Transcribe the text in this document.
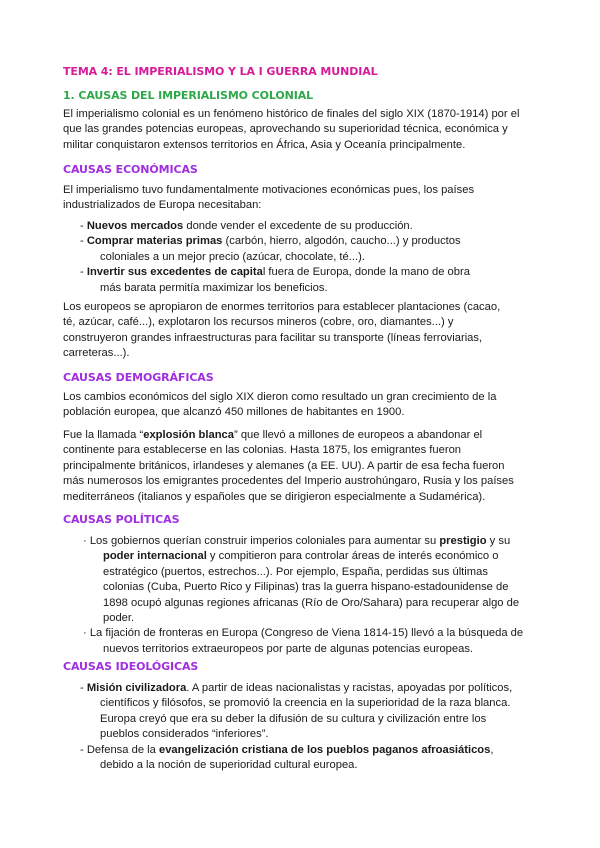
TEMA 4: EL IMPERIALISMO Y LA I GUERRA MUNDIAL
1. CAUSAS DEL IMPERIALISMO COLONIAL

El imperialismo colonial es un fenómeno histórico de finales del siglo XIX (1870-1914) por el
que las grandes potencias europeas, aprovechando su superioridad técnica, económica y
militar conquistaron extensos territorios en África, Asia y Oceanía principalmente.

CAUSAS ECONÓMICAS

El imperialismo tuvo fundamentalmente motivaciones económicas pues, los países
industrializados de Europa necesitaban:

- Nuevos mercados donde vender el excedente de su producción.
- Comprar materias primas (carbón, hierro, algodón, caucho...) y productos
coloniales a un mejor precio (azúcar, chocolate, té...).
- Invertir sus excedentes de capital fuera de Europa, donde la mano de obra
más barata permitía maximizar los beneficios.

Los europeos se apropiaron de enormes territorios para establecer plantaciones (cacao,
té, azúcar, café...), explotaron los recursos mineros (cobre, oro, diamantes...) y
construyeron grandes infraestructuras para facilitar su transporte (líneas ferroviarias,
carreteras...).

CAUSAS DEMOGRÁFICAS

Los cambios económicos del siglo XIX dieron como resultado un gran crecimiento de la
población europea, que alcanzó 450 millones de habitantes en 1900.

Fue la llamada “explosión blanca” que llevó a millones de europeos a abandonar el
continente para establecerse en las colonias. Hasta 1875, los emigrantes fueron
principalmente británicos, irlandeses y alemanes (a EE. UU). A partir de esa fecha fueron
más numerosos los emigrantes procedentes del Imperio austrohúngaro, Rusia y los países
mediterráneos (italianos y españoles que se dirigieron especialmente a Sudamérica).

CAUSAS POLÍTICAS
· Los gobiernos querían construir imperios coloniales para aumentar su prestigio y su
poder internacional y compitieron para controlar áreas de interés económico o
estratégico (puertos, estrechos...). Por ejemplo, España, perdidas sus últimas
colonias (Cuba, Puerto Rico y Filipinas) tras la guerra hispano-estadounidense de
1898 ocupó algunas regiones africanas (Río de Oro/Sahara) para recuperar algo de
poder.
· La fijación de fronteras en Europa (Congreso de Viena 1814-15) llevó a la búsqueda de
nuevos territorios extraeuropeos por parte de algunas potencias europeas.
CAUSAS IDEOLÓGICAS
- Misión civilizadora. A partir de ideas nacionalistas y racistas, apoyadas por políticos,
científicos y filósofos, se promovió la creencia en la superioridad de la raza blanca.
Europa creyó que era su deber la difusión de su cultura y civilización entre los
pueblos considerados “inferiores”.
- Defensa de la evangelización cristiana de los pueblos paganos afroasiáticos,
debido a la noción de superioridad cultural europea.
